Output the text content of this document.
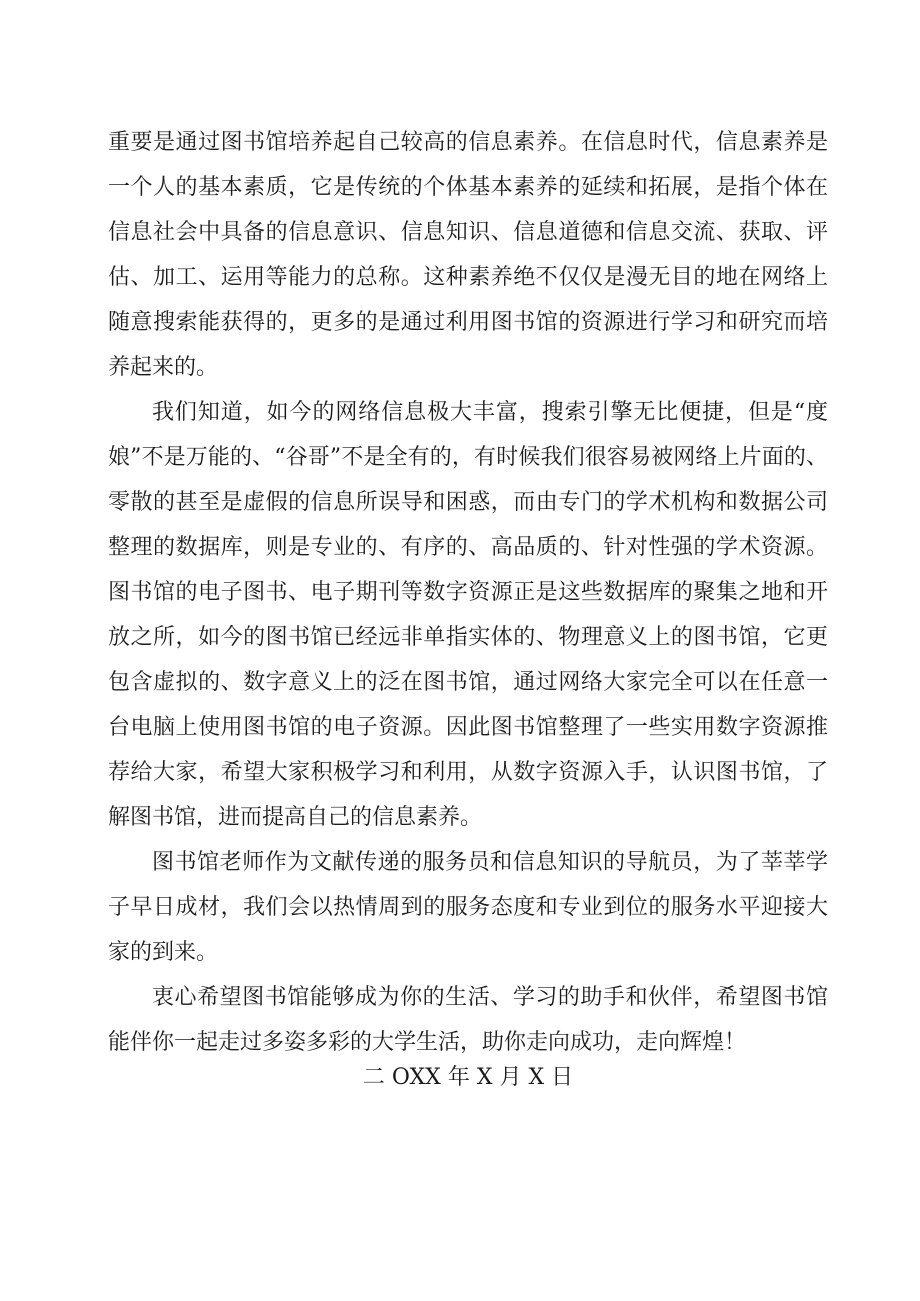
重要是通过图书馆培养起自己较高的信息素养。在信息时代，信息素养是一个人的基本素质，它是传统的个体基本素养的延续和拓展，是指个体在信息社会中具备的信息意识、信息知识、信息道德和信息交流、获取、评估、加工、运用等能力的总称。这种素养绝不仅仅是漫无目的地在网络上随意搜索能获得的，更多的是通过利用图书馆的资源进行学习和研究而培养起来的。

我们知道，如今的网络信息极大丰富，搜索引擎无比便捷，但是“度娘”不是万能的、“谷哥”不是全有的，有时候我们很容易被网络上片面的、零散的甚至是虚假的信息所误导和困惑，而由专门的学术机构和数据公司整理的数据库，则是专业的、有序的、高品质的、针对性强的学术资源。图书馆的电子图书、电子期刊等数字资源正是这些数据库的聚集之地和开放之所，如今的图书馆已经远非单指实体的、物理意义上的图书馆，它更包含虚拟的、数字意义上的泛在图书馆，通过网络大家完全可以在任意一台电脑上使用图书馆的电子资源。因此图书馆整理了一些实用数字资源推荐给大家，希望大家积极学习和利用，从数字资源入手，认识图书馆，了解图书馆，进而提高自己的信息素养。

图书馆老师作为文献传递的服务员和信息知识的导航员，为了莘莘学子早日成材，我们会以热情周到的服务态度和专业到位的服务水平迎接大家的到来。

衷心希望图书馆能够成为你的生活、学习的助手和伙伴，希望图书馆能伴你一起走过多姿多彩的大学生活，助你走向成功，走向辉煌！

二 OXX 年 X 月 X 日
